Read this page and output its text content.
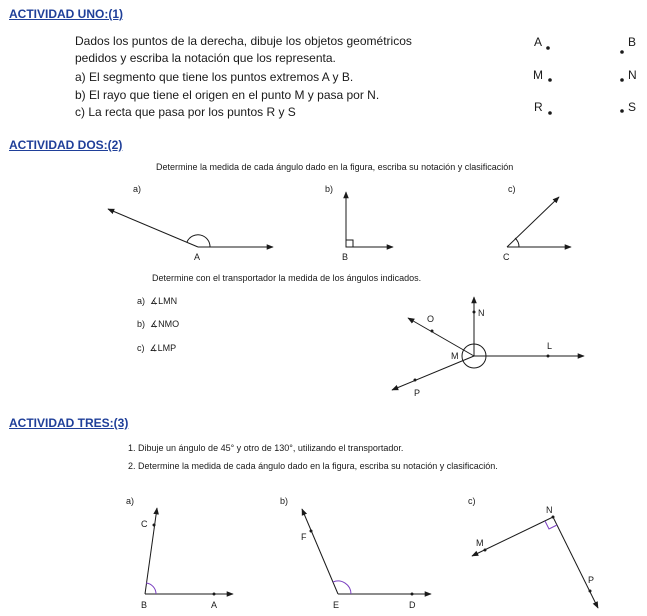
ACTIVIDAD UNO:(1)
Dados los puntos de la derecha, dibuje los objetos geométricos
pedidos y escriba la notación que los representa.
a) El segmento que tiene los puntos extremos A y B.
b) El rayo que tiene el origen en el punto M y pasa por N.
c) La recta que pasa por los puntos R y S
ACTIVIDAD DOS:(2)
Determine la medida de cada ángulo dado en la figura, escriba su notación y clasificación
Determine con el transportador la medida de los ángulos indicados.
a) ∡LMN
b) ∡NMO
c) ∡LMP
ACTIVIDAD TRES:(3)
1. Dibuje un ángulo de 45° y otro de 130°, utilizando el transportador.
2. Determine la medida de cada ángulo dado en la figura, escriba su notación y clasificación.
A	B
M	N
R	S
a)	b)	c)
A	B	C
O
N
M
L
P
a)	b)	c)
C
B	A
F
E	D
N
M
P
